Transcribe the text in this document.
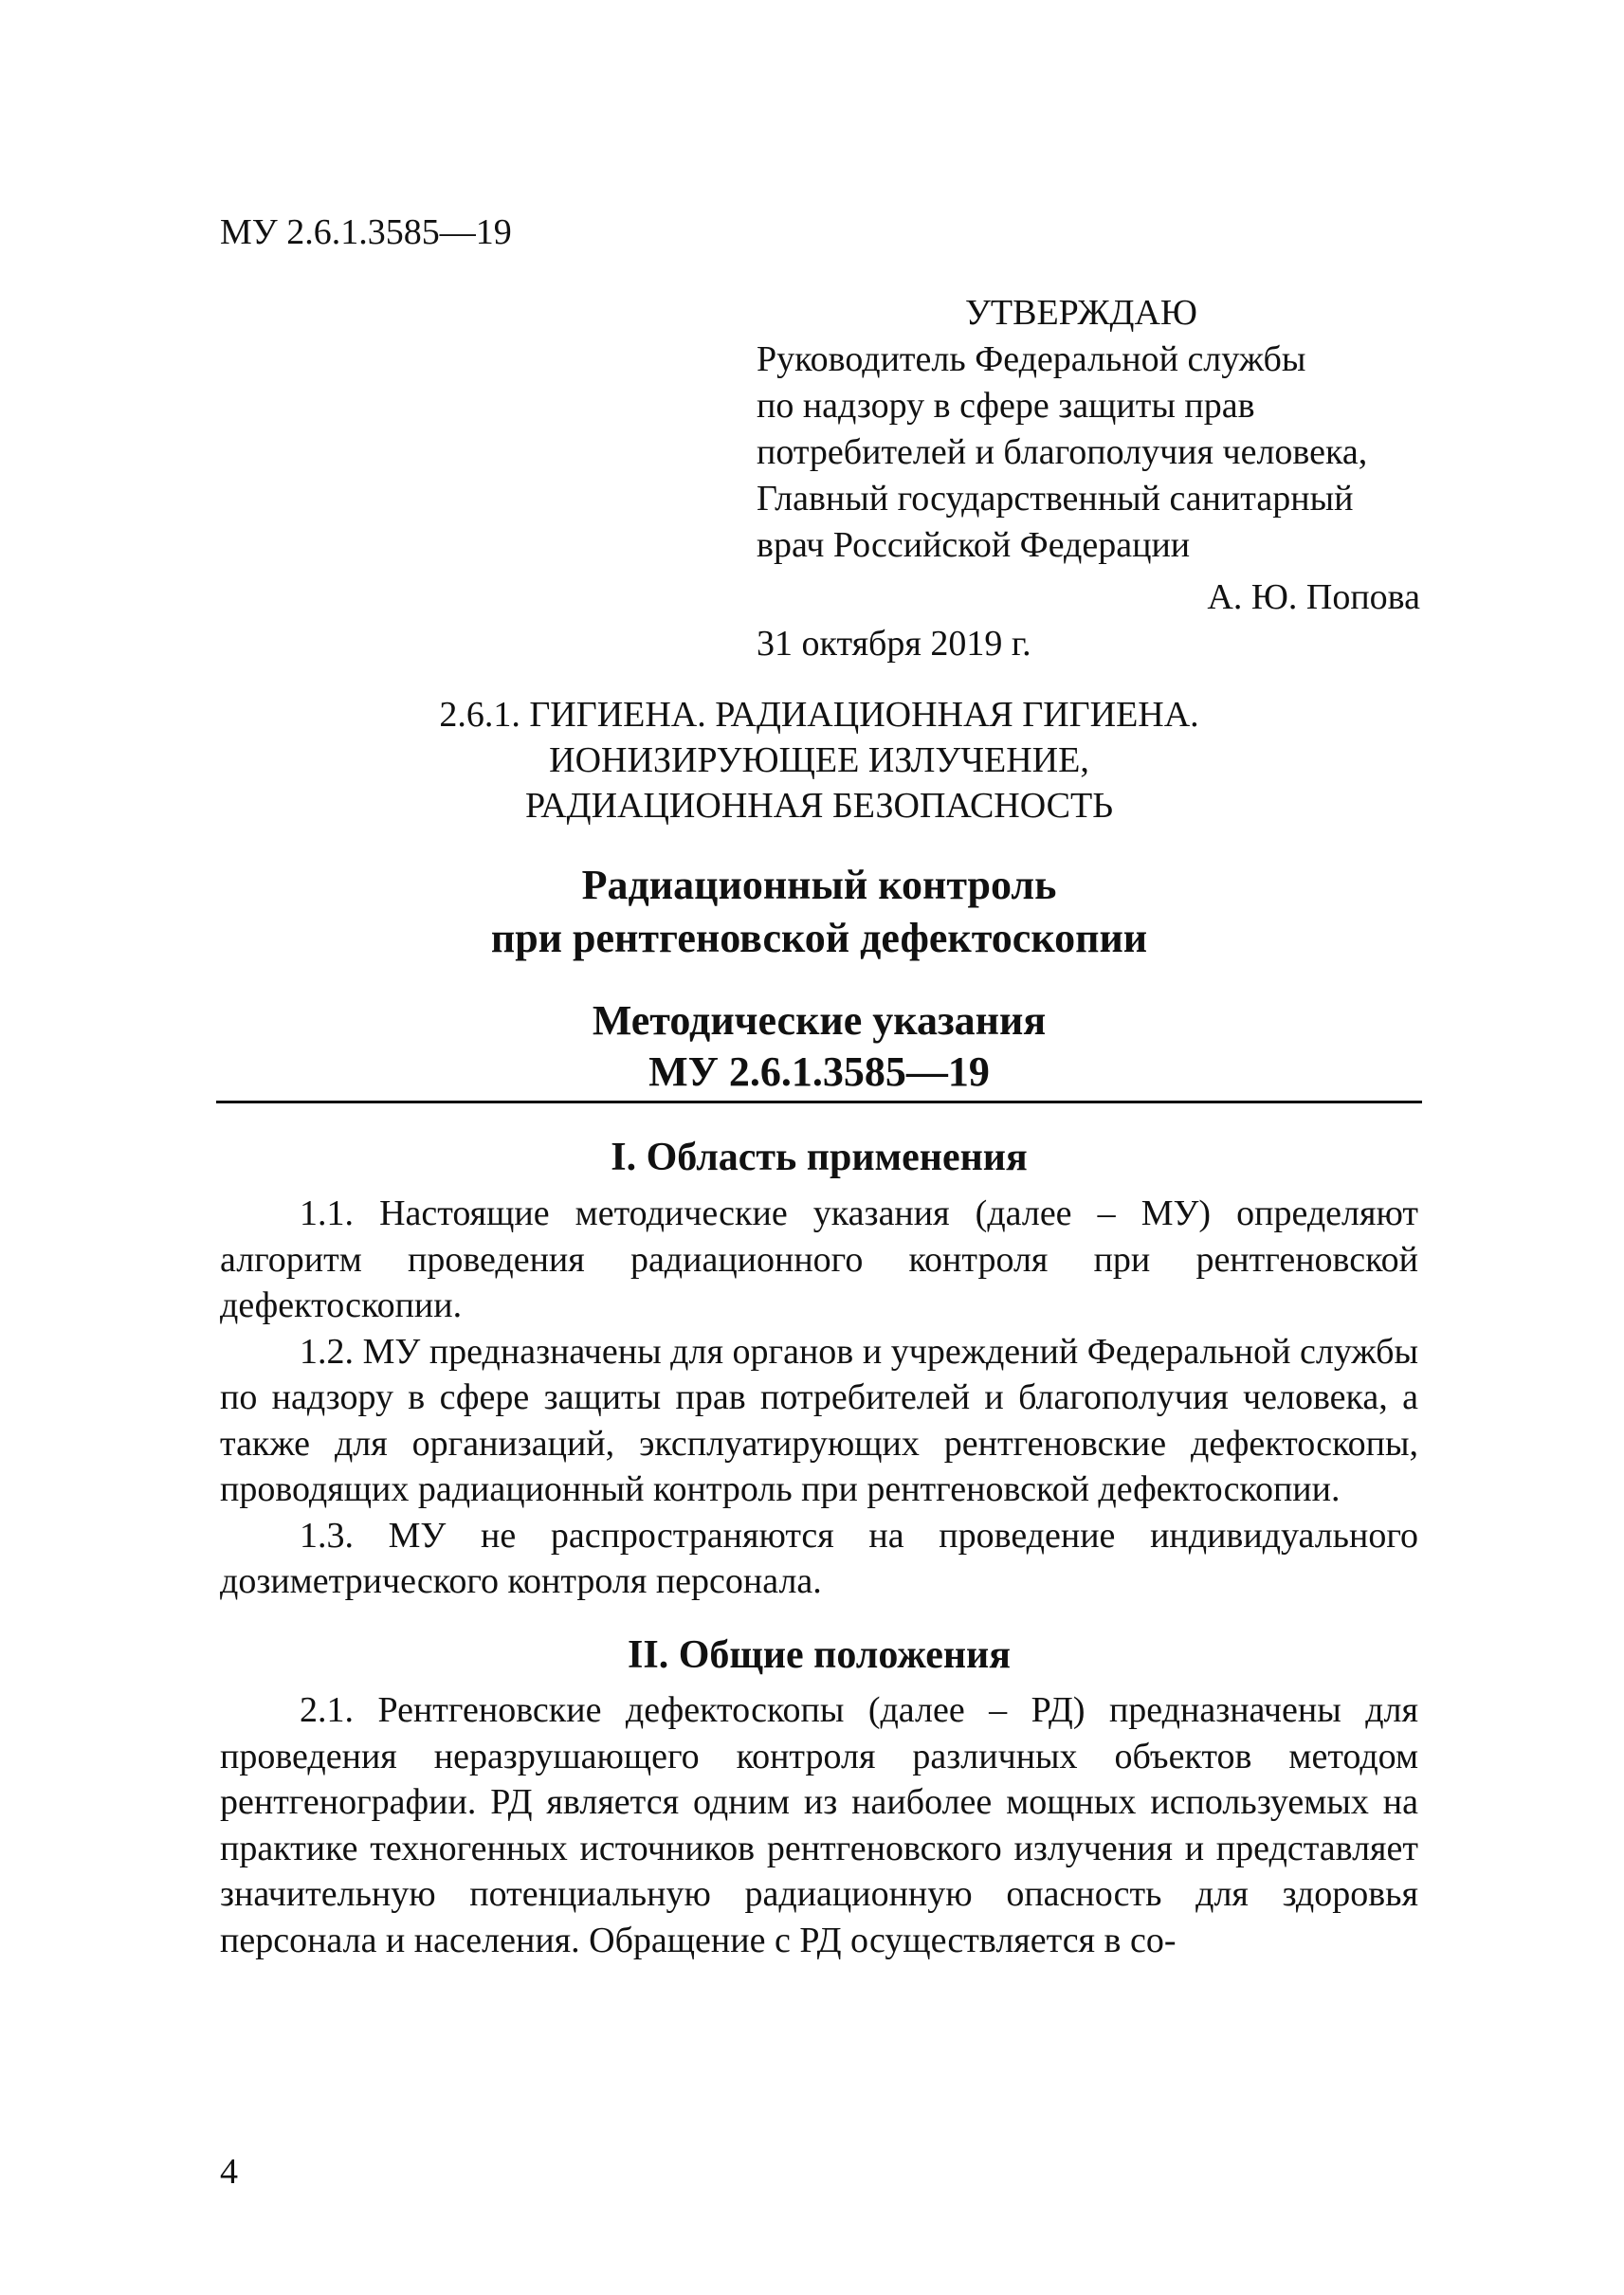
МУ 2.6.1.3585—19
УТВЕРЖДАЮ
Руководитель Федеральной службы
по надзору в сфере защиты прав
потребителей и благополучия человека,
Главный государственный санитарный
врач Российской Федерации
А. Ю. Попова
31 октября 2019 г.
2.6.1. ГИГИЕНА. РАДИАЦИОННАЯ ГИГИЕНА.
ИОНИЗИРУЮЩЕЕ ИЗЛУЧЕНИЕ,
РАДИАЦИОННАЯ БЕЗОПАСНОСТЬ
Радиационный контроль
при рентгеновской дефектоскопии
Методические указания
МУ 2.6.1.3585—19
I. Область применения

1.1. Настоящие методические указания (далее – МУ) определяют алгоритм проведения радиационного контроля при рентгеновской дефектоскопии.

1.2. МУ предназначены для органов и учреждений Федеральной службы по надзору в сфере защиты прав потребителей и благополучия человека, а также для организаций, эксплуатирующих рентгеновские дефектоскопы, проводящих радиационный контроль при рентгеновской дефектоскопии.

1.3. МУ не распространяются на проведение индивидуального дозиметрического контроля персонала.

II. Общие положения

2.1. Рентгеновские дефектоскопы (далее – РД) предназначены для проведения неразрушающего контроля различных объектов методом рентгенографии. РД является одним из наиболее мощных используемых на практике техногенных источников рентгеновского излучения и представляет значительную потенциальную радиационную опасность для здоровья персонала и населения. Обращение с РД осуществляется в со-

4
